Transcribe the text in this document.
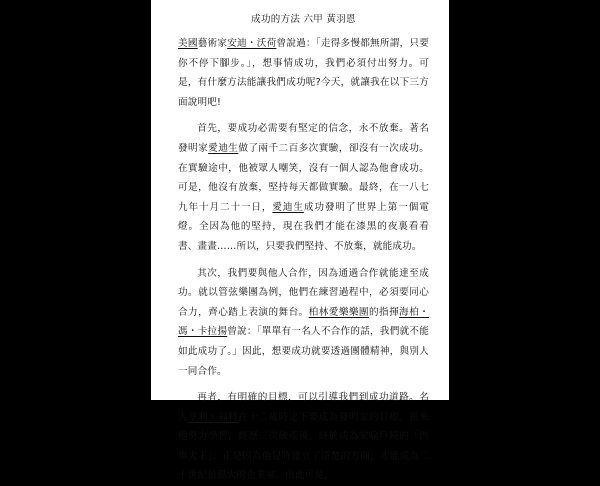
成功的方法 六甲 黃羽恩

美國藝術家安迪・沃荷曾說過：「走得多慢都無所謂，只要你不停下腳步。」，想事情成功，我們必須付出努力。可是，有什麼方法能讓我們成功呢?今天，就讓我在以下三方面說明吧!

首先，要成功必需要有堅定的信念，永不放棄。著名發明家愛迪生做了兩千二百多次實驗，卻沒有一次成功。在實驗途中，他被眾人嘲笑，沒有一個人認為他會成功。可是，他沒有放棄，堅持每天都做實驗。最終，在一八七九年十月二十一日，愛迪生成功發明了世界上第一個電燈。全因為他的堅持，現在我們才能在漆黑的夜裏看看書、畫畫……所以，只要我們堅持、不放棄，就能成功。

其次，我們要與他人合作，因為通過合作就能達至成功。就以管弦樂團為例，他們在練習過程中，必須要同心合力，齊心踏上表演的舞台。柏林愛樂樂團的指揮海柏・馮・卡拉揚曾說：「單單有一名人不合作的話，我們就不能如此成功了。」因此，想要成功就要透過團體精神，與別人一同合作。

再者，有明確的目標，可以引導我們到成功道路。名人亨利・福特在十二歲時定下要成為發明家的目標。後來他努力學習，經歷三次破產後，終於成為家喻戶曉的「汽車大王」。正是因為他兒時建立了清楚的方向，才能成為二十世紀最偉大的企業家。由此可見，
